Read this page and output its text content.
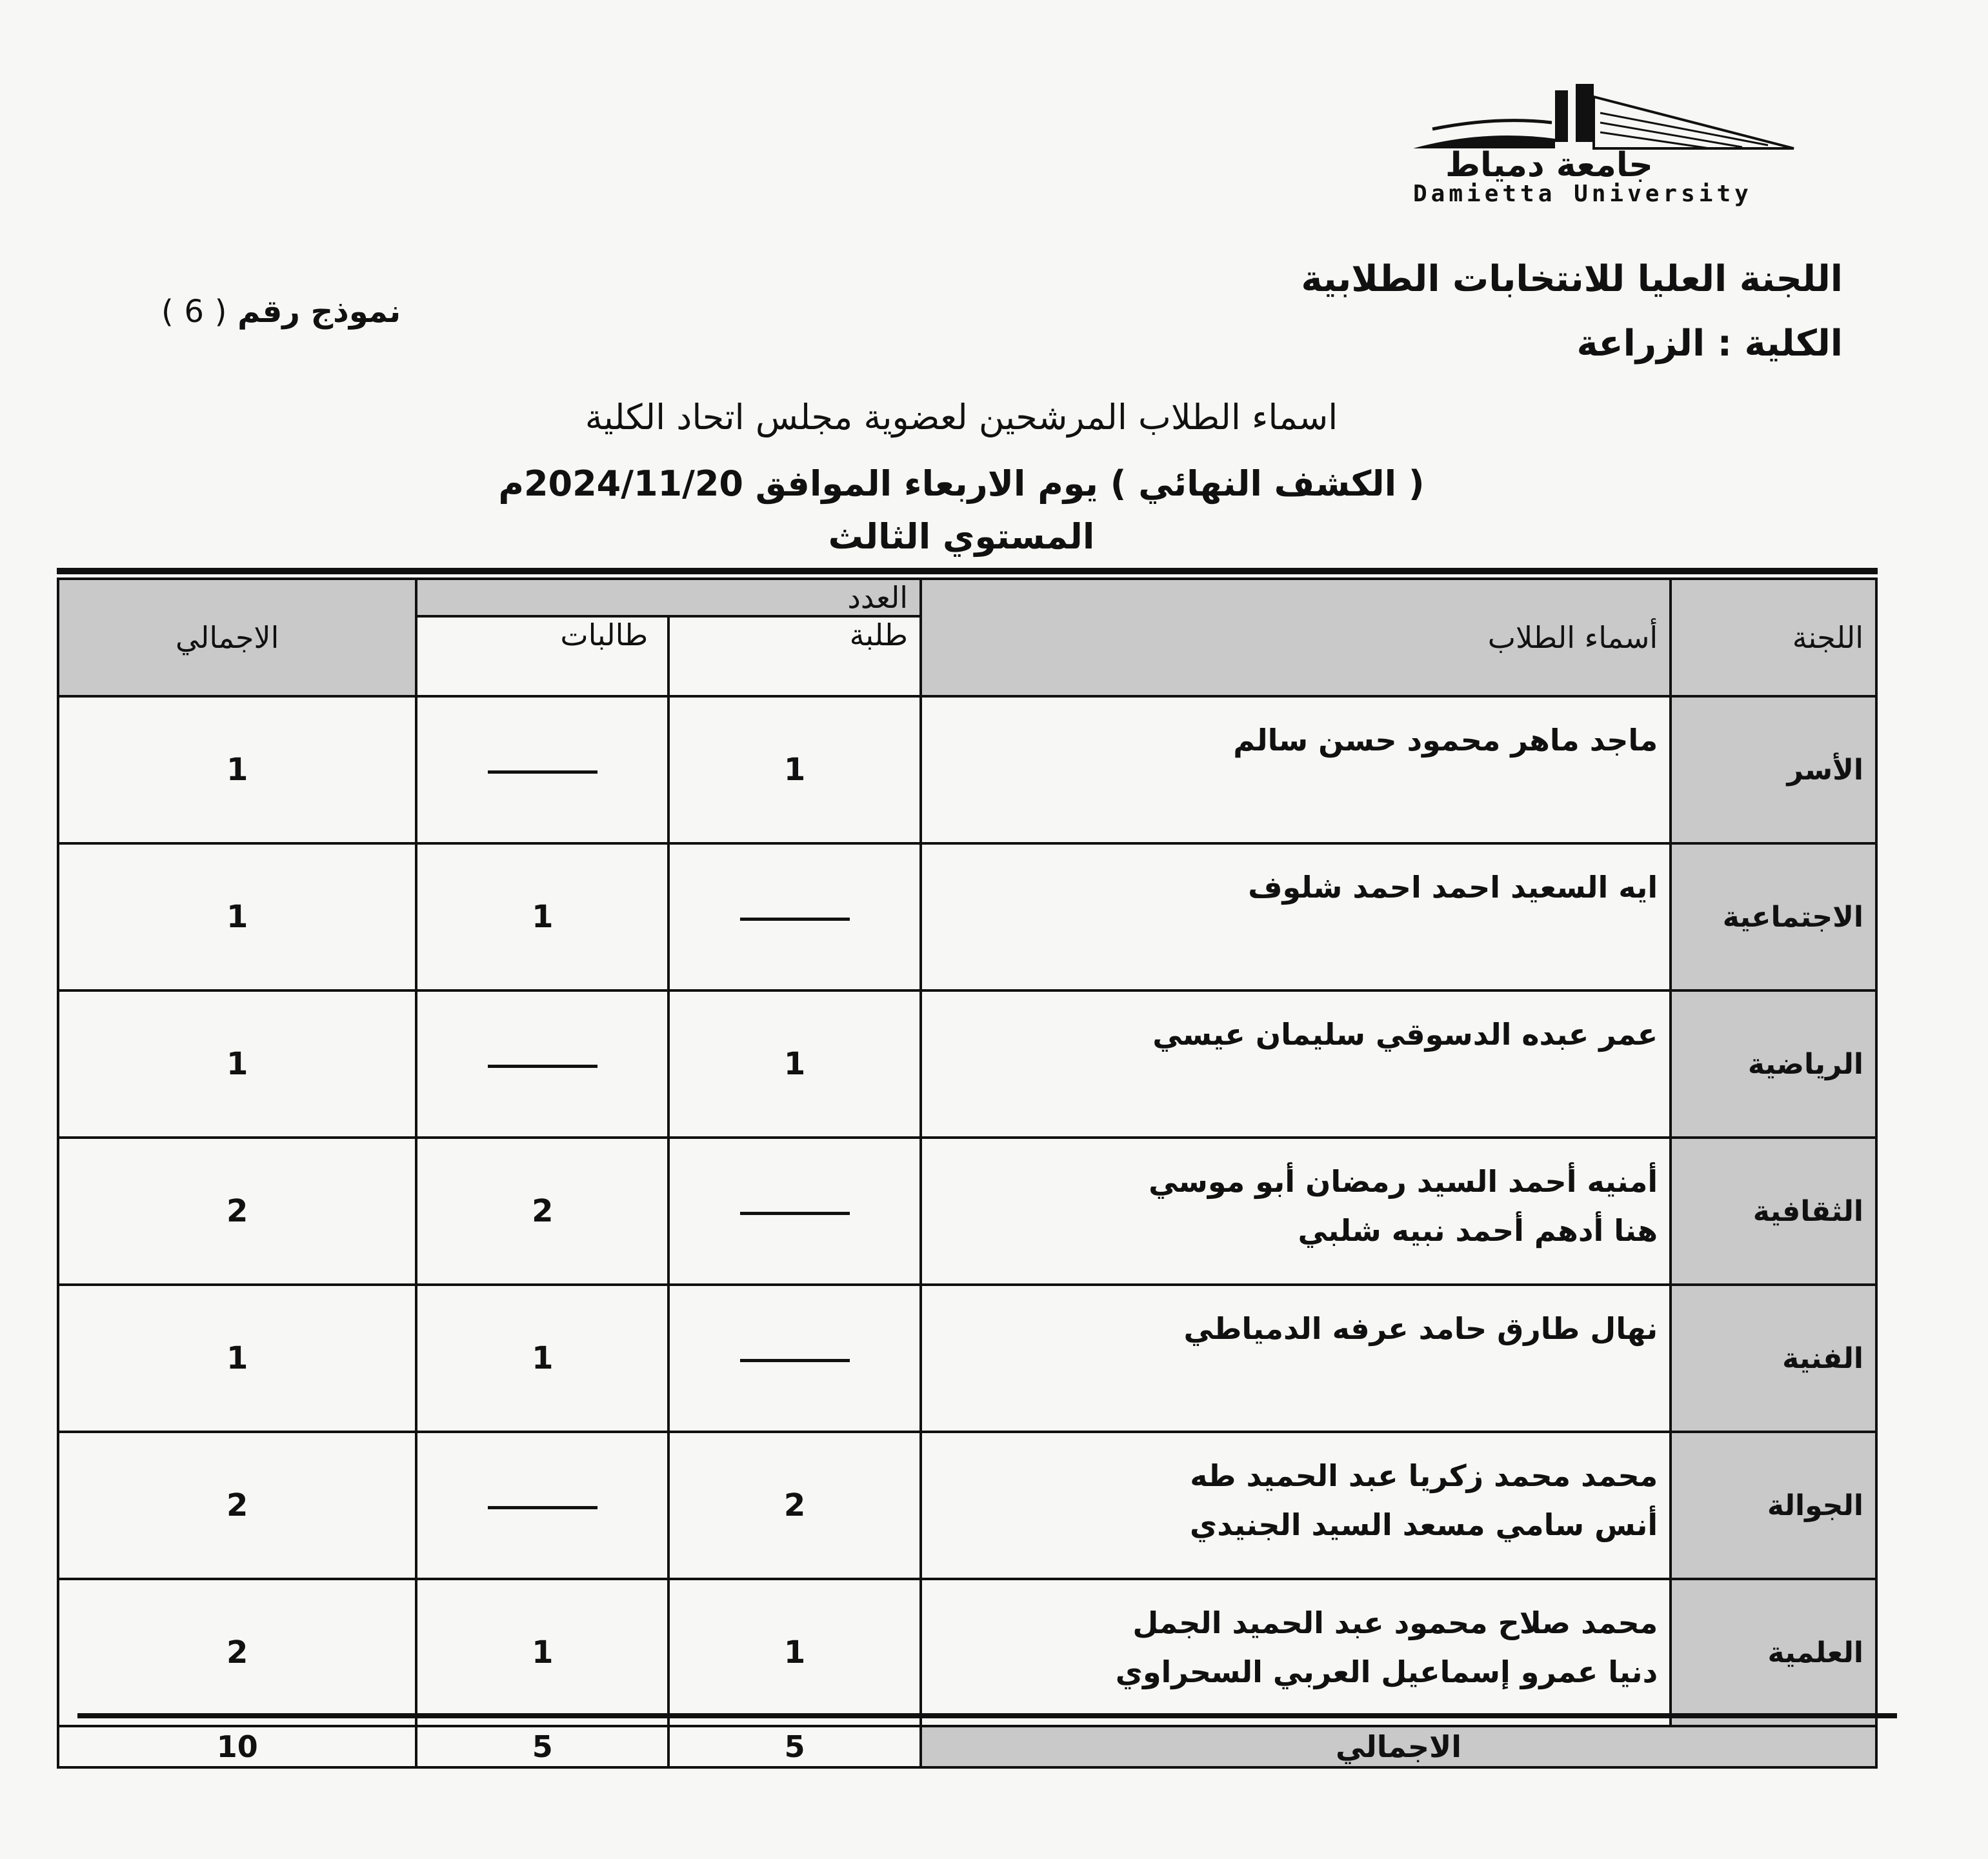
جامعة دمياط
Damietta University
اللجنة العليا للانتخابات الطلابية
الكلية : الزراعة
نموذج رقم ( 6 )
اسماء الطلاب المرشحين لعضوية مجلس اتحاد الكلية
( الكشف النهائي ) يوم الاربعاء الموافق 2024/11/20م
المستوي الثالث
اللجنة	أسماء الطلاب	العدد		الاجمالي
		طلبة	طالبات	
الأسر	ماجد ماهر محمود حسن سالم	1		1
الاجتماعية	ايه السعيد احمد احمد شلوف		1	1
الرياضية	عمر عبده الدسوقي سليمان عيسي	1		1
الثقافية	أمنيه أحمد السيد رمضان أبو موسي
هنا أدهم أحمد نبيه شلبي		2	2
الفنية	نهال طارق حامد عرفه الدمياطي		1	1
الجوالة	محمد محمد زكريا عبد الحميد طه
أنس سامي مسعد السيد الجنيدي	2		2
العلمية	محمد صلاح محمود عبد الحميد الجمل
دنيا عمرو إسماعيل العربي السحراوي	1	1	2
الاجمالي		5	5	10
